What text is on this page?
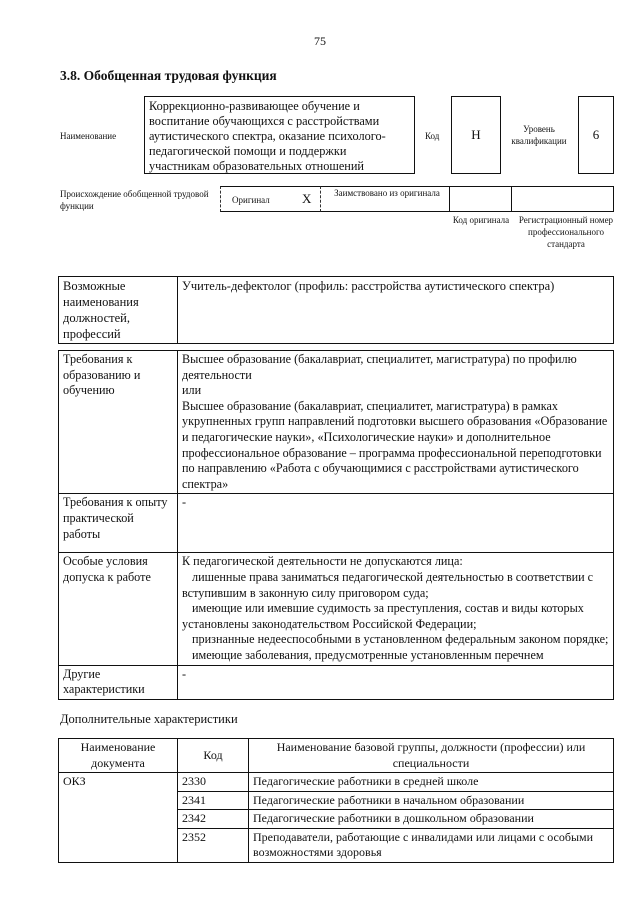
75
3.8. Обобщенная трудовая функция
Наименование
Коррекционно-развивающее обучение и воспитание обучающихся с расстройствами аутистического спектра, оказание психолого-педагогической помощи и поддержки участникам образовательных отношений
Код	Н	Уровень квалификации	6
Происхождение обобщенной трудовой функции
Оригинал X	Заимствовано из оригинала
Код оригинала	Регистрационный номер профессионального стандарта
Возможные наименования должностей, профессий	Учитель-дефектолог (профиль: расстройства аутистического спектра)
Требования к образованию и обучению	Высшее образование (бакалавриат, специалитет, магистратура) по профилю деятельности
или
Высшее образование (бакалавриат, специалитет, магистратура) в рамках укрупненных групп направлений подготовки высшего образования «Образование и педагогические науки», «Психологические науки» и дополнительное профессиональное образование – программа профессиональной переподготовки по направлению «Работа с обучающимися с расстройствами аутистического спектра»

Требования к опыту практической работы	-
Особые условия допуска к работе	К педагогической деятельности не допускаются лица:
лишенные права заниматься педагогической деятельностью в соответствии с вступившим в законную силу приговором суда;
имеющие или имевшие судимость за преступления, состав и виды которых установлены законодательством Российской Федерации;
признанные недееспособными в установленном федеральным законом порядке;
имеющие заболевания, предусмотренные установленным перечнем

Другие характеристики	-
Дополнительные характеристики
Наименование документа	Код	Наименование базовой группы, должности (профессии) или специальности
ОКЗ	2330	Педагогические работники в средней школе
	2341	Педагогические работники в начальном образовании
	2342	Педагогические работники в дошкольном образовании
	2352	Преподаватели, работающие с инвалидами или лицами с особыми возможностями здоровья
